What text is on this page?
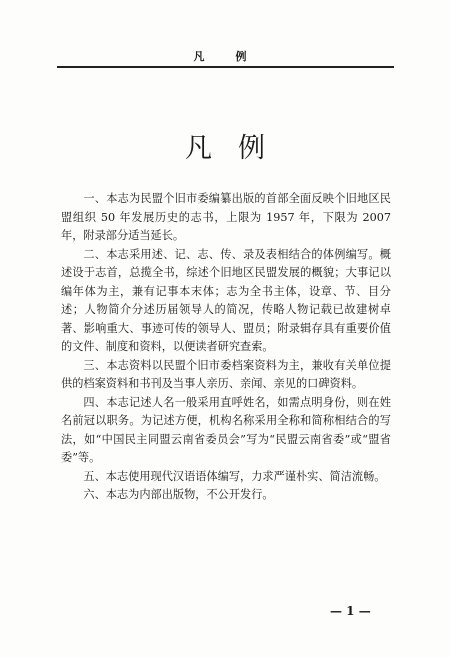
凡　例
凡例

一、本志为民盟个旧市委编纂出版的首部全面反映个旧地区民盟组织 50 年发展历史的志书，上限为 1957 年，下限为 2007 年，附录部分适当延长。

二、本志采用述、记、志、传、录及表相结合的体例编写。概述设于志首，总揽全书，综述个旧地区民盟发展的概貌；大事记以编年体为主，兼有记事本末体；志为全书主体，设章、节、目分述；人物简介分述历届领导人的简况，传略人物记载已故建树卓著、影响重大、事迹可传的领导人、盟员；附录辑存具有重要价值的文件、制度和资料，以便读者研究查索。

三、本志资料以民盟个旧市委档案资料为主，兼收有关单位提供的档案资料和书刊及当事人亲历、亲闻、亲见的口碑资料。

四、本志记述人名一般采用直呼姓名，如需点明身份，则在姓名前冠以职务。为记述方便，机构名称采用全称和简称相结合的写法，如“中国民主同盟云南省委员会”写为“民盟云南省委”或“盟省委”等。

五、本志使用现代汉语语体编写，力求严谨朴实、简洁流畅。

六、本志为内部出版物，不公开发行。

— 1 —
